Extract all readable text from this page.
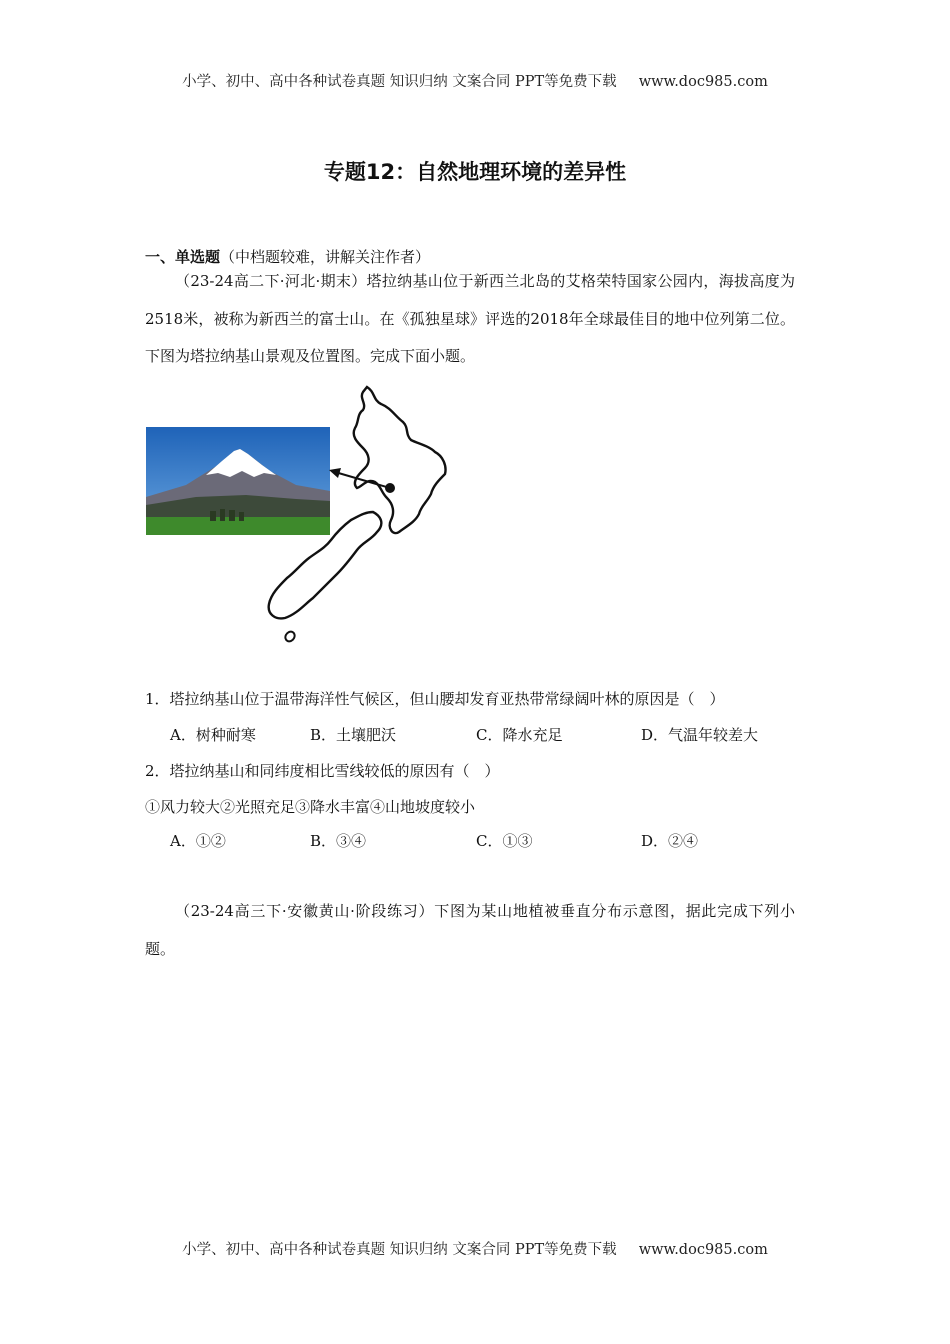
小学、初中、高中各种试卷真题 知识归纳 文案合同 PPT等免费下载 www.doc985.com
专题12：自然地理环境的差异性
一、单选题（中档题较难，讲解关注作者）

（23-24高二下·河北·期末）塔拉纳基山位于新西兰北岛的艾格荣特国家公园内，海拔高度为2518米，被称为新西兰的富士山。在《孤独星球》评选的2018年全球最佳目的地中位列第二位。下图为塔拉纳基山景观及位置图。完成下面小题。

1．塔拉纳基山位于温带海洋性气候区，但山腰却发育亚热带常绿阔叶林的原因是（　）
A．树种耐寒	B．土壤肥沃	C．降水充足	D．气温年较差大
2．塔拉纳基山和同纬度相比雪线较低的原因有（　）
①风力较大②光照充足③降水丰富④山地坡度较小
A．①②	B．③④	C．①③	D．②④

（23-24高三下·安徽黄山·阶段练习）下图为某山地植被垂直分布示意图，据此完成下列小题。

小学、初中、高中各种试卷真题 知识归纳 文案合同 PPT等免费下载 www.doc985.com
